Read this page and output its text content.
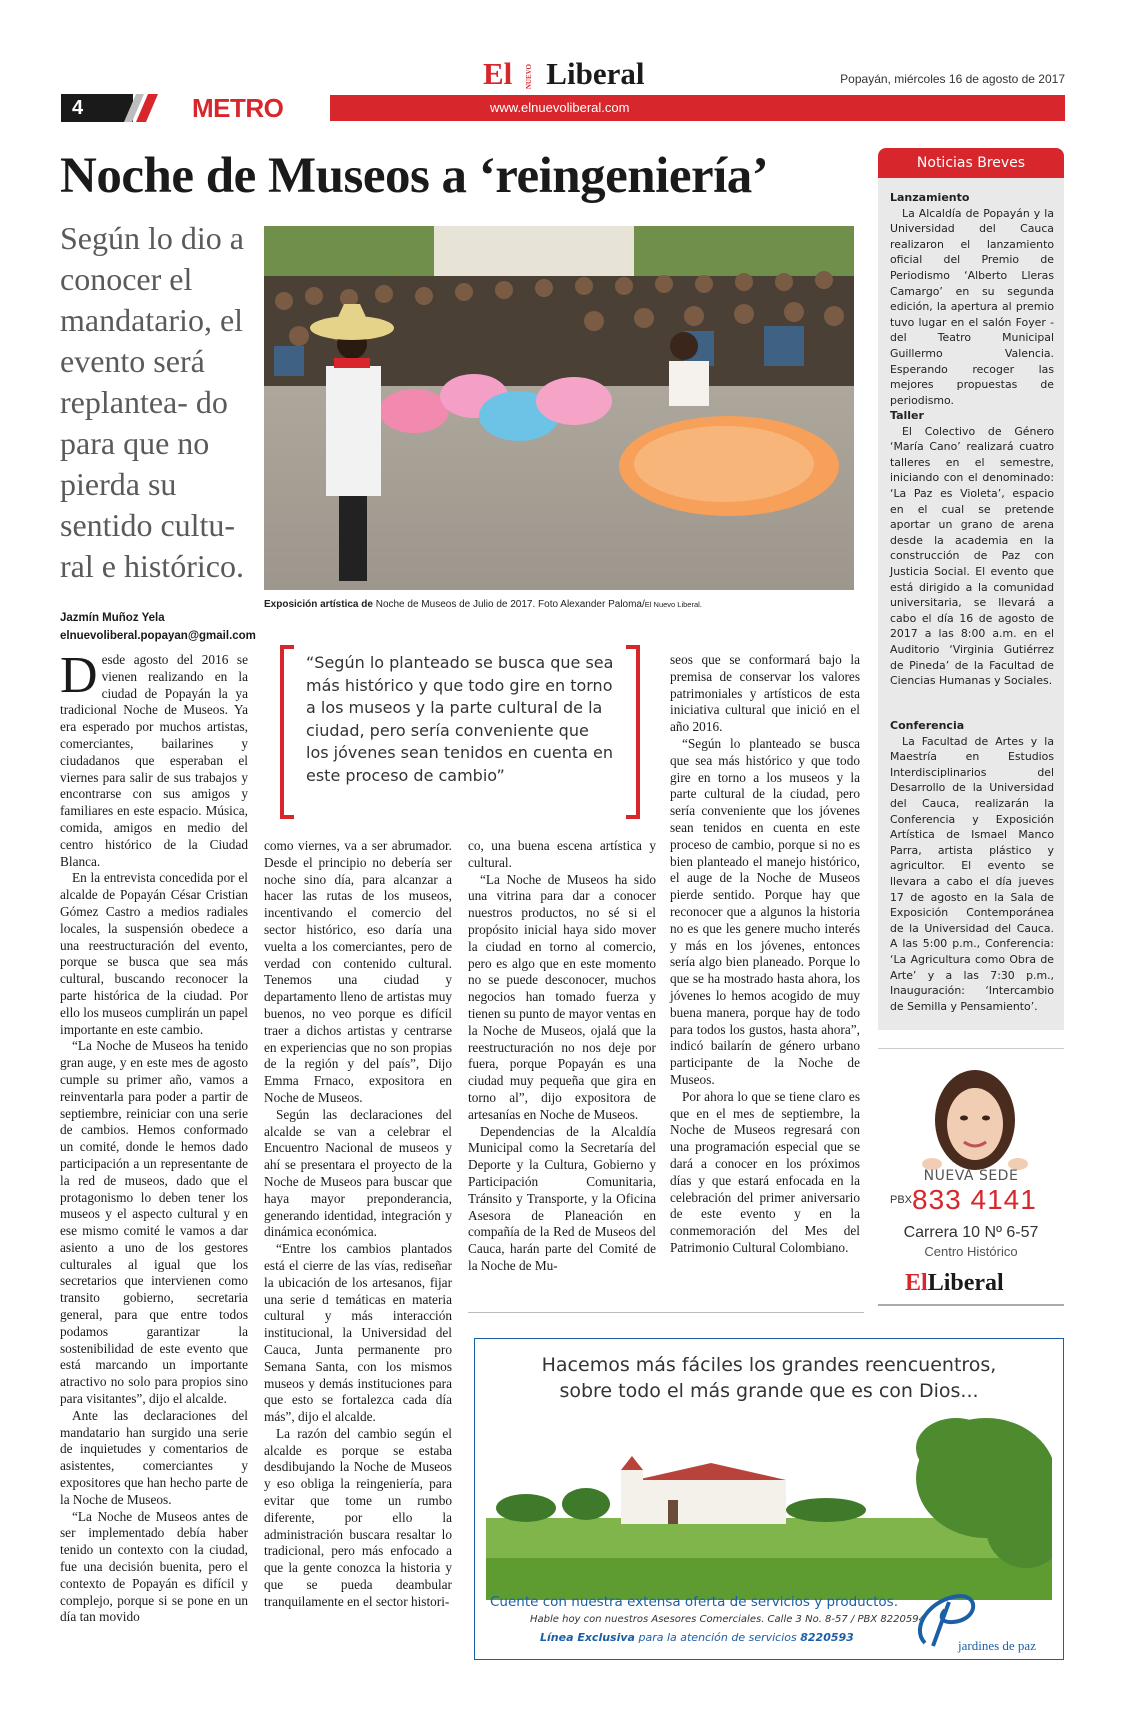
El NUEVO Liberal	Popayán, miércoles 16 de agosto de 2017
4	METRO	www.elnuevoliberal.com
Noche de Museos a ‘reingeniería’
Según lo dio a conocer el mandatario, el evento será replantea- do para que no pierda su sentido cultu- ral e histórico.
Exposición artística de Noche de Museos de Julio de 2017. Foto Alexander Paloma/El Nuevo Liberal.
Jazmín Muñoz Yela
elnuevoliberal.popayan@gmail.com

Desde agosto del 2016 se vienen realizando en la ciudad de Popayán la ya tradicional Noche de Museos. Ya era esperado por muchos artistas, comerciantes, bailarines y ciudadanos que esperaban el viernes para salir de sus trabajos y encontrarse con sus amigos y familiares en este espacio. Música, comida, amigos en medio del centro histórico de la Ciudad Blanca.

En la entrevista concedida por el alcalde de Popayán César Cristian Gómez Castro a medios radiales locales, la suspensión obedece a una reestructuración del evento, porque se busca que sea más cultural, buscando reconocer la parte histórica de la ciudad. Por ello los museos cumplirán un papel importante en este cambio.

“La Noche de Museos ha tenido gran auge, y en este mes de agosto cumple su primer año, vamos a reinventarla para poder a partir de septiembre, reiniciar con una serie de cambios. Hemos conformado un comité, donde le hemos dado participación a un representante de la red de museos, dado que el protagonismo lo deben tener los museos y el aspecto cultural y en ese mismo comité le vamos a dar asiento a uno de los gestores culturales al igual que los secretarios que intervienen como transito gobierno, secretaria general, para que entre todos podamos garantizar la sostenibilidad de este evento que está marcando un importante atractivo no solo para propios sino para visitantes”, dijo el alcalde.

Ante las declaraciones del mandatario han surgido una serie de inquietudes y comentarios de asistentes, comerciantes y expositores que han hecho parte de la Noche de Museos.

“La Noche de Museos antes de ser implementado debía haber tenido un contexto con la ciudad, fue una decisión buenita, pero el contexto de Popayán es difícil y complejo, porque si se pone en un día tan movido

“Según lo planteado se busca que sea más histórico y que todo gire en torno a los museos y la parte cultural de la ciudad, pero sería conveniente que los jóvenes sean tenidos en cuenta en este proceso de cambio”

como viernes, va a ser abrumador. Desde el principio no debería ser noche sino día, para alcanzar a hacer las rutas de los museos, incentivando el comercio del sector histórico, eso daría una vuelta a los comerciantes, pero de verdad con contenido cultural. Tenemos una ciudad y departamento lleno de artistas muy buenos, no veo porque es difícil traer a dichos artistas y centrarse en experiencias que no son propias de la región y del país”, Dijo Emma Frnaco, expositora en Noche de Museos.

Según las declaraciones del alcalde se van a celebrar el Encuentro Nacional de museos y ahí se presentara el proyecto de la Noche de Museos para buscar que haya mayor preponderancia, generando identidad, integración y dinámica económica.

“Entre los cambios plantados está el cierre de las vías, rediseñar la ubicación de los artesanos, fijar una serie d temáticas en materia cultural y más interacción institucional, la Universidad del Cauca, Junta permanente pro Semana Santa, con los mismos museos y demás instituciones para que esto se fortalezca cada día más”, dijo el alcalde.

La razón del cambio según el alcalde es porque se estaba desdibujando la Noche de Museos y eso obliga la reingeniería, para evitar que tome un rumbo diferente, por ello la administración buscara resaltar lo tradicional, pero más enfocado a que la gente conozca la historia y que se pueda deambular tranquilamente en el sector histori-

co, una buena escena artística y cultural.

“La Noche de Museos ha sido una vitrina para dar a conocer nuestros productos, no sé si el propósito inicial haya sido mover la ciudad en torno al comercio, pero es algo que en este momento no se puede desconocer, muchos negocios han tomado fuerza y tienen su punto de mayor ventas en la Noche de Museos, ojalá que la reestructuración no nos deje por fuera, porque Popayán es una ciudad muy pequeña que gira en torno al”, dijo expositora de artesanías en Noche de Museos.

Dependencias de la Alcaldía Municipal como la Secretaría del Deporte y la Cultura, Gobierno y Participación Comunitaria, Tránsito y Transporte, y la Oficina Asesora de Planeación en compañía de la Red de Museos del Cauca, harán parte del Comité de la Noche de Mu-

seos que se conformará bajo la premisa de conservar los valores patrimoniales y artísticos de esta iniciativa cultural que inició en el año 2016.

“Según lo planteado se busca que sea más histórico y que todo gire en torno a los museos y la parte cultural de la ciudad, pero sería conveniente que los jóvenes sean tenidos en cuenta en este proceso de cambio, porque si no es bien planteado el manejo histórico, el auge de la Noche de Museos pierde sentido. Porque hay que reconocer que a algunos la historia no es que les genere mucho interés y más en los jóvenes, entonces sería algo bien planeado. Porque lo que se ha mostrado hasta ahora, los jóvenes lo hemos acogido de muy buena manera, porque hay de todo para todos los gustos, hasta ahora”, indicó bailarín de género urbano participante de la Noche de Museos.

Por ahora lo que se tiene claro es que en el mes de septiembre, la Noche de Museos regresará con una programación especial que se dará a conocer en los próximos días y que estará enfocada en la celebración del primer aniversario de este evento y en la conmemoración del Mes del Patrimonio Cultural Colombiano.

Noticias Breves
Lanzamiento

La Alcaldía de Popayán y la Universidad del Cauca realizaron el lanzamiento oficial del Premio de Periodismo ‘Alberto Lleras Camargo’ en su segunda edición, la apertura al premio tuvo lugar en el salón Foyer - del Teatro Municipal Guillermo Valencia. Esperando recoger las mejores propuestas de periodismo.

Taller

El Colectivo de Género ‘María Cano’ realizará cuatro talleres en el semestre, iniciando con el denominado: ‘La Paz es Violeta’, espacio en el cual se pretende aportar un grano de arena desde la academia en la construcción de Paz con Justicia Social. El evento que está dirigido a la comunidad universitaria, se llevará a cabo el día 16 de agosto de 2017 a las 8:00 a.m. en el Auditorio ‘Virginia Gutiérrez de Pineda’ de la Facultad de Ciencias Humanas y Sociales.

Conferencia

La Facultad de Artes y la Maestría en Estudios Interdisciplinarios del Desarrollo de la Universidad del Cauca, realizarán la Conferencia y Exposición Artística de Ismael Manco Parra, artista plástico y agricultor. El evento se llevara a cabo el día jueves 17 de agosto en la Sala de Exposición Contemporánea de la Universidad del Cauca. A las 5:00 p.m., Conferencia: ‘La Agricultura como Obra de Arte’ y a las 7:30 p.m., Inauguración: ‘Intercambio de Semilla y Pensamiento’.

NUEVA SEDE
PBX 833 4141
Carrera 10 Nº 6-57
Centro Histórico
ElLiberal
Hacemos más fáciles los grandes reencuentros,
sobre todo el más grande que es con Dios...
Cuente con nuestra extensa oferta de servicios y productos.
Hable hoy con nuestros Asesores Comerciales. Calle 3 No. 8-57 / PBX 8220594
Línea Exclusiva para la atención de servicios 8220593
jardines de paz
